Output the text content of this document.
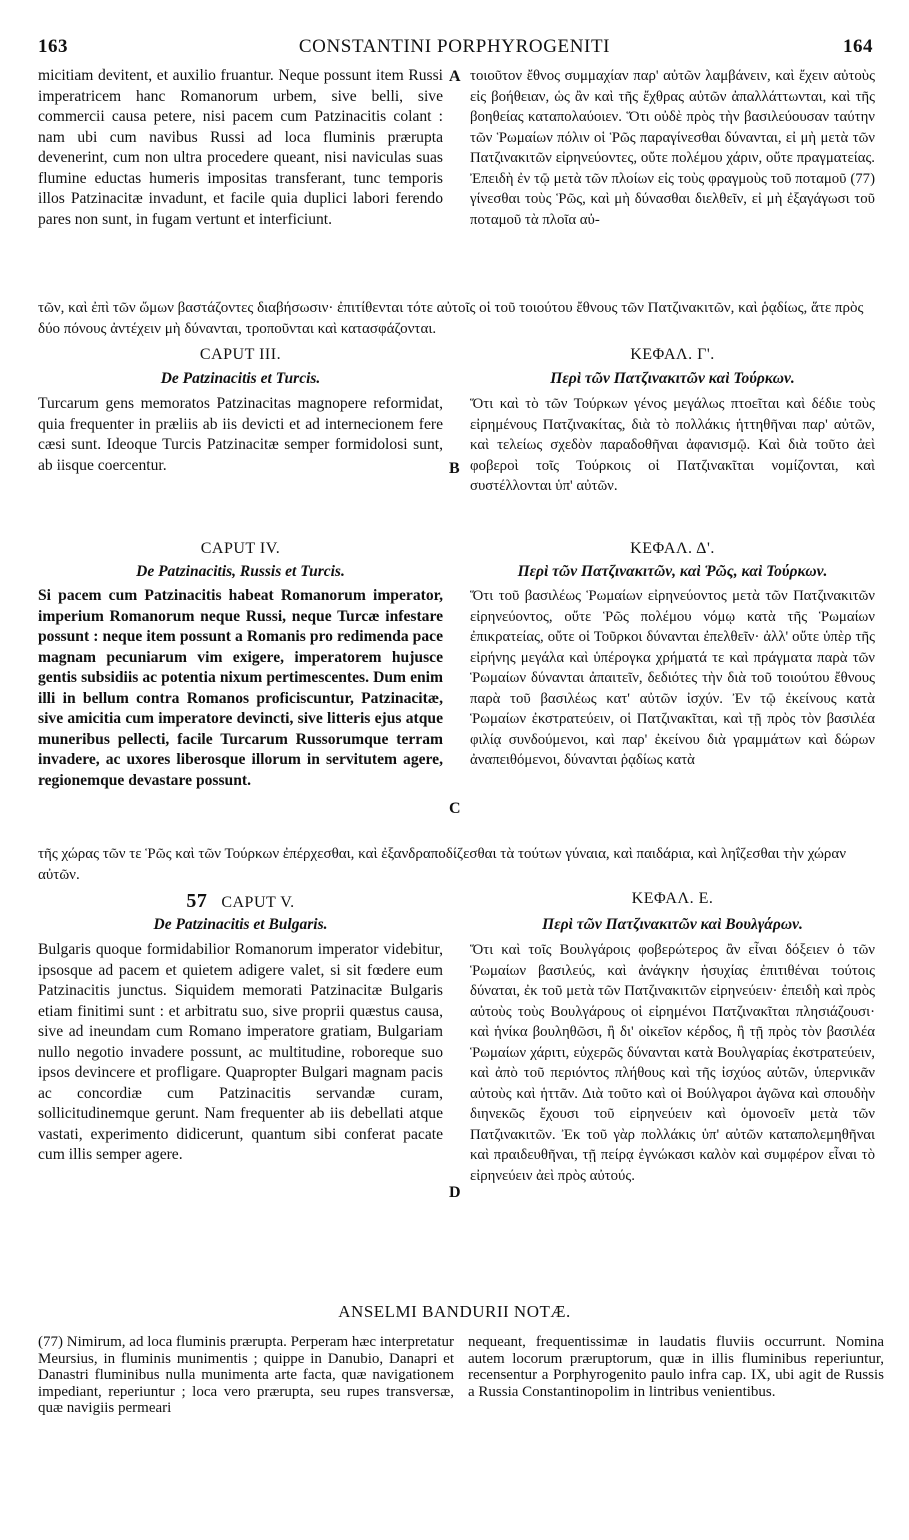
163	CONSTANTINI PORPHYROGENITI	164
micitiam devitent, et auxilio fruantur. Neque possunt item Russi imperatricem hanc Romanorum urbem, sive belli, sive commercii causa petere, nisi pacem cum Patzinacitis colant : nam ubi cum navibus Russi ad loca fluminis prærupta devenerint, cum non ultra procedere queant, nisi naviculas suas flumine eductas humeris impositas transferant, tunc temporis illos Patzinacitæ invadunt, et facile quia duplici labori ferendo pares non sunt, in fugam vertunt et interficiunt.
A τοιοῦτον ἔθνος συμμαχίαν παρ' αὐτῶν λαμβάνειν, καὶ ἔχειν αὐτοὺς εἰς βοήθειαν, ὡς ἂν καὶ τῆς ἔχθρας αὐτῶν ἀπαλλάττωνται, καὶ τῆς βοηθείας καταπολαύοιεν. Ὅτι οὐδὲ πρὸς τὴν βασιλεύουσαν ταύτην τῶν Ῥωμαίων πόλιν οἱ Ῥῶς παραγίνεσθαι δύνανται, εἰ μὴ μετὰ τῶν Πατζινακιτῶν εἰρηνεύοντες, οὔτε πολέμου χάριν, οὔτε πραγματείας. Ἐπειδὴ ἐν τῷ μετὰ τῶν πλοίων εἰς τοὺς φραγμοὺς τοῦ ποταμοῦ (77) γίνεσθαι τοὺς Ῥῶς, καὶ μὴ δύνασθαι διελθεῖν, εἰ μὴ ἐξαγάγωσι τοῦ ποταμοῦ τὰ πλοῖα αὐ-
τῶν, καὶ ἐπὶ τῶν ὤμων βαστάζοντες διαβήσωσιν· ἐπιτίθενται τότε αὐτοῖς οἱ τοῦ τοιούτου ἔθνους τῶν Πατζινακιτῶν, καὶ ῥᾳδίως, ἅτε πρὸς δύο πόνους ἀντέχειν μὴ δύνανται, τροποῦνται καὶ κατασφάζονται.
CAPUT III.
De Patzinacitis et Turcis.
Turcarum gens memoratos Patzinacitas magnopere reformidat, quia frequenter in præliis ab iis devicti et ad internecionem fere cæsi sunt. Ideoque Turcis Patzinacitæ semper formidolosi sunt, ab iisque coercentur.
ΚΕΦΑΛ. Γ'.
Περὶ τῶν Πατζινακιτῶν καὶ Τούρκων.
B
Ὅτι καὶ τὸ τῶν Τούρκων γένος μεγάλως πτοεῖται καὶ δέδιε τοὺς εἰρημένους Πατζινακίτας, διὰ τὸ πολλάκις ἡττηθῆναι παρ' αὐτῶν, καὶ τελείως σχεδὸν παραδοθῆναι ἀφανισμῷ. Καὶ διὰ τοῦτο ἀεὶ φοβεροὶ τοῖς Τούρκοις οἱ Πατζινακῖται νομίζονται, καὶ συστέλλονται ὑπ' αὐτῶν.
CAPUT IV.
De Patzinacitis, Russis et Turcis.
Si pacem cum Patzinacitis habeat Romanorum imperator, imperium Romanorum neque Russi, neque Turcæ infestare possunt : neque item possunt a Romanis pro redimenda pace magnam pecuniarum vim exigere, imperatorem hujusce gentis subsidiis ac potentia nixum pertimescentes. Dum enim illi in bellum contra Romanos proficiscuntur, Patzinacitæ, sive amicitia cum imperatore devincti, sive litteris ejus atque muneribus pellecti, facile Turcarum Russorumque terram invadere, ac uxores liberosque illorum in servitutem agere, regionemque devastare possunt.
ΚΕΦΑΛ. Δ'.
Περὶ τῶν Πατζινακιτῶν, καὶ Ῥῶς, καὶ Τούρκων.
C
Ὅτι τοῦ βασιλέως Ῥωμαίων εἰρηνεύοντος μετὰ τῶν Πατζινακιτῶν εἰρηνεύοντος, οὔτε Ῥῶς πολέμου νόμῳ κατὰ τῆς Ῥωμαίων ἐπικρατείας, οὔτε οἱ Τοῦρκοι δύνανται ἐπελθεῖν· ἀλλ' οὔτε ὑπὲρ τῆς εἰρήνης μεγάλα καὶ ὑπέρογκα χρήματά τε καὶ πράγματα παρὰ τῶν Ῥωμαίων δύνανται ἀπαιτεῖν, δεδιότες τὴν διὰ τοῦ τοιούτου ἔθνους παρὰ τοῦ βασιλέως κατ' αὐτῶν ἰσχύν. Ἐν τῷ ἐκείνους κατὰ Ῥωμαίων ἐκστρατεύειν, οἱ Πατζινακῖται, καὶ τῇ πρὸς τὸν βασιλέα φιλίᾳ συνδούμενοι, καὶ παρ' ἐκείνου διὰ γραμμάτων καὶ δώρων ἀναπειθόμενοι, δύνανται ῥᾳδίως κατὰ
τῆς χώρας τῶν τε Ῥῶς καὶ τῶν Τούρκων ἐπέρχεσθαι, καὶ ἐξανδραποδίζεσθαι τὰ τούτων γύναια, καὶ παιδάρια, καὶ ληΐζεσθαι τὴν χώραν αὐτῶν.
57 CAPUT V.
De Patzinacitis et Bulgaris.
Bulgaris quoque formidabilior Romanorum imperator videbitur, ipsosque ad pacem et quietem adigere valet, si sit fœdere eum Patzinacitis junctus. Siquidem memorati Patzinacitæ Bulgaris etiam finitimi sunt : et arbitratu suo, sive proprii quæstus causa, sive ad ineundam cum Romano imperatore gratiam, Bulgariam nullo negotio invadere possunt, ac multitudine, roboreque suo ipsos devincere et profligare. Quapropter Bulgari magnam pacis ac concordiæ cum Patzinacitis servandæ curam, sollicitudinemque gerunt. Nam frequenter ab iis debellati atque vastati, experimento didicerunt, quantum sibi conferat pacate cum illis semper agere.
ΚΕΦΑΛ. Ε.
Περὶ τῶν Πατζινακιτῶν καὶ Βουλγάρων.
D
Ὅτι καὶ τοῖς Βουλγάροις φοβερώτερος ἂν εἶναι δόξειεν ὁ τῶν Ῥωμαίων βασιλεύς, καὶ ἀνάγκην ἡσυχίας ἐπιτιθέναι τούτοις δύναται, ἐκ τοῦ μετὰ τῶν Πατζινακιτῶν εἰρηνεύειν· ἐπειδὴ καὶ πρὸς αὐτοὺς τοὺς Βουλγάρους οἱ εἰρημένοι Πατζινακῖται πλησιάζουσι· καὶ ἡνίκα βουληθῶσι, ἢ δι' οἰκεῖον κέρδος, ἢ τῇ πρὸς τὸν βασιλέα Ῥωμαίων χάριτι, εὐχερῶς δύνανται κατὰ Βουλγαρίας ἐκστρατεύειν, καὶ ἀπὸ τοῦ περιόντος πλήθους καὶ τῆς ἰσχύος αὐτῶν, ὑπερνικᾶν αὐτοὺς καὶ ἡττᾶν. Διὰ τοῦτο καὶ οἱ Βούλγαροι ἀγῶνα καὶ σπουδὴν διηνεκῶς ἔχουσι τοῦ εἰρηνεύειν καὶ ὁμονοεῖν μετὰ τῶν Πατζινακιτῶν. Ἐκ τοῦ γὰρ πολλάκις ὑπ' αὐτῶν καταπολεμηθῆναι καὶ πραιδευθῆναι, τῇ πείρᾳ ἐγνώκασι καλὸν καὶ συμφέρον εἶναι τὸ εἰρηνεύειν ἀεὶ πρὸς αὐτούς.
ANSELMI BANDURII NOTÆ.
(77) Nimirum, ad loca fluminis prærupta. Perperam hæc interpretatur Meursius, in fluminis munimentis ; quippe in Danubio, Danapri et Danastri fluminibus nulla munimenta arte facta, quæ navigationem impediant, reperiuntur ; loca vero prærupta, seu rupes transversæ, quæ navigiis permeari
nequeant, frequentissimæ in laudatis fluviis occurrunt. Nomina autem locorum præruptorum, quæ in illis fluminibus reperiuntur, recensentur a Porphyrogenito paulo infra cap. IX, ubi agit de Russis a Russia Constantinopolim in lintribus venientibus.
